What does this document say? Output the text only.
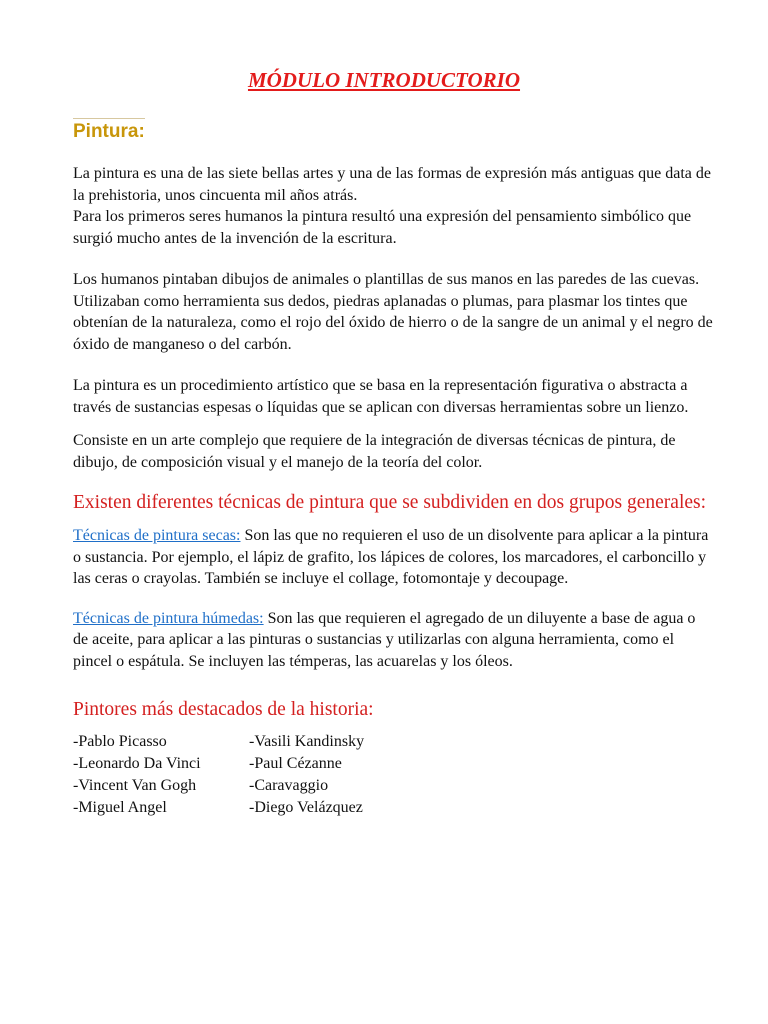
MÓDULO INTRODUCTORIO
Pintura:

La pintura es una de las siete bellas artes y una de las formas de expresión más antiguas que data de la prehistoria, unos cincuenta mil años atrás.

Para los primeros seres humanos la pintura resultó una expresión del pensamiento simbólico que surgió mucho antes de la invención de la escritura.

Los humanos pintaban dibujos de animales o plantillas de sus manos en las paredes de las cuevas. Utilizaban como herramienta sus dedos, piedras aplanadas o plumas, para plasmar los tintes que obtenían de la naturaleza, como el rojo del óxido de hierro o de la sangre de un animal y el negro de óxido de manganeso o del carbón.

La pintura es un procedimiento artístico que se basa en la representación figurativa o abstracta a través de sustancias espesas o líquidas que se aplican con diversas herramientas sobre un lienzo.

Consiste en un arte complejo que requiere de la integración de diversas técnicas de pintura, de dibujo, de composición visual y el manejo de la teoría del color.

Existen diferentes técnicas de pintura que se subdividen en dos grupos generales:

Técnicas de pintura secas: Son las que no requieren el uso de un disolvente para aplicar a la pintura o sustancia. Por ejemplo, el lápiz de grafito, los lápices de colores, los marcadores, el carboncillo y las ceras o crayolas. También se incluye el collage, fotomontaje y decoupage.

Técnicas de pintura húmedas: Son las que requieren el agregado de un diluyente a base de agua o de aceite, para aplicar a las pinturas o sustancias y utilizarlas con alguna herramienta, como el pincel o espátula. Se incluyen las témperas, las acuarelas y los óleos.

Pintores más destacados de la historia:

-Pablo Picasso	-Vasili Kandinsky
-Leonardo Da Vinci	-Paul Cézanne
-Vincent Van Gogh	-Caravaggio
-Miguel Angel	-Diego Velázquez
